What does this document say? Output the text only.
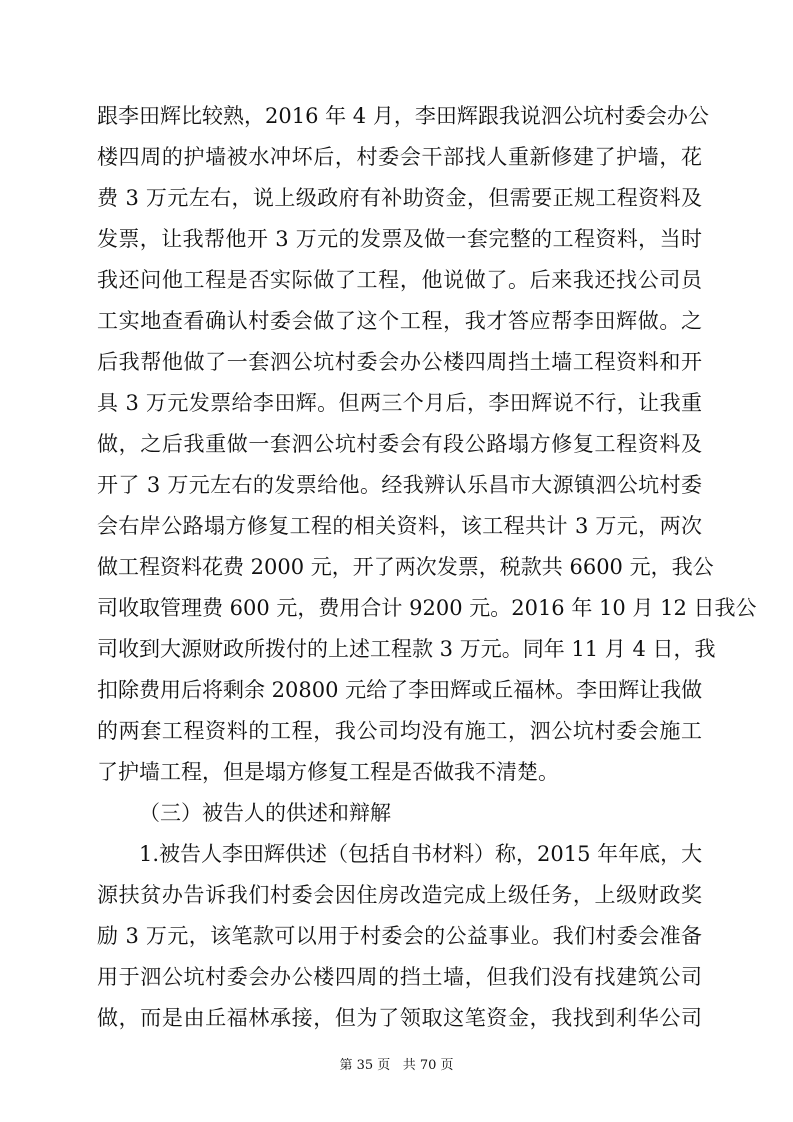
跟李田辉比较熟，2016 年 4 月，李田辉跟我说泗公坑村委会办公
楼四周的护墙被水冲坏后，村委会干部找人重新修建了护墙，花
费 3 万元左右，说上级政府有补助资金，但需要正规工程资料及
发票，让我帮他开 3 万元的发票及做一套完整的工程资料，当时
我还问他工程是否实际做了工程，他说做了。后来我还找公司员
工实地查看确认村委会做了这个工程，我才答应帮李田辉做。之
后我帮他做了一套泗公坑村委会办公楼四周挡土墙工程资料和开
具 3 万元发票给李田辉。但两三个月后，李田辉说不行，让我重
做，之后我重做一套泗公坑村委会有段公路塌方修复工程资料及
开了 3 万元左右的发票给他。经我辨认乐昌市大源镇泗公坑村委
会右岸公路塌方修复工程的相关资料，该工程共计 3 万元，两次
做工程资料花费 2000 元，开了两次发票，税款共 6600 元，我公
司收取管理费 600 元，费用合计 9200 元。2016 年 10 月 12 日我公
司收到大源财政所拨付的上述工程款 3 万元。同年 11 月 4 日，我
扣除费用后将剩余 20800 元给了李田辉或丘福林。李田辉让我做
的两套工程资料的工程，我公司均没有施工，泗公坑村委会施工
了护墙工程，但是塌方修复工程是否做我不清楚。
（三）被告人的供述和辩解
1.被告人李田辉供述（包括自书材料）称，2015 年年底，大
源扶贫办告诉我们村委会因住房改造完成上级任务，上级财政奖
励 3 万元，该笔款可以用于村委会的公益事业。我们村委会准备
用于泗公坑村委会办公楼四周的挡土墙，但我们没有找建筑公司
做，而是由丘福林承接，但为了领取这笔资金，我找到利华公司
第 35 页   共 70 页
